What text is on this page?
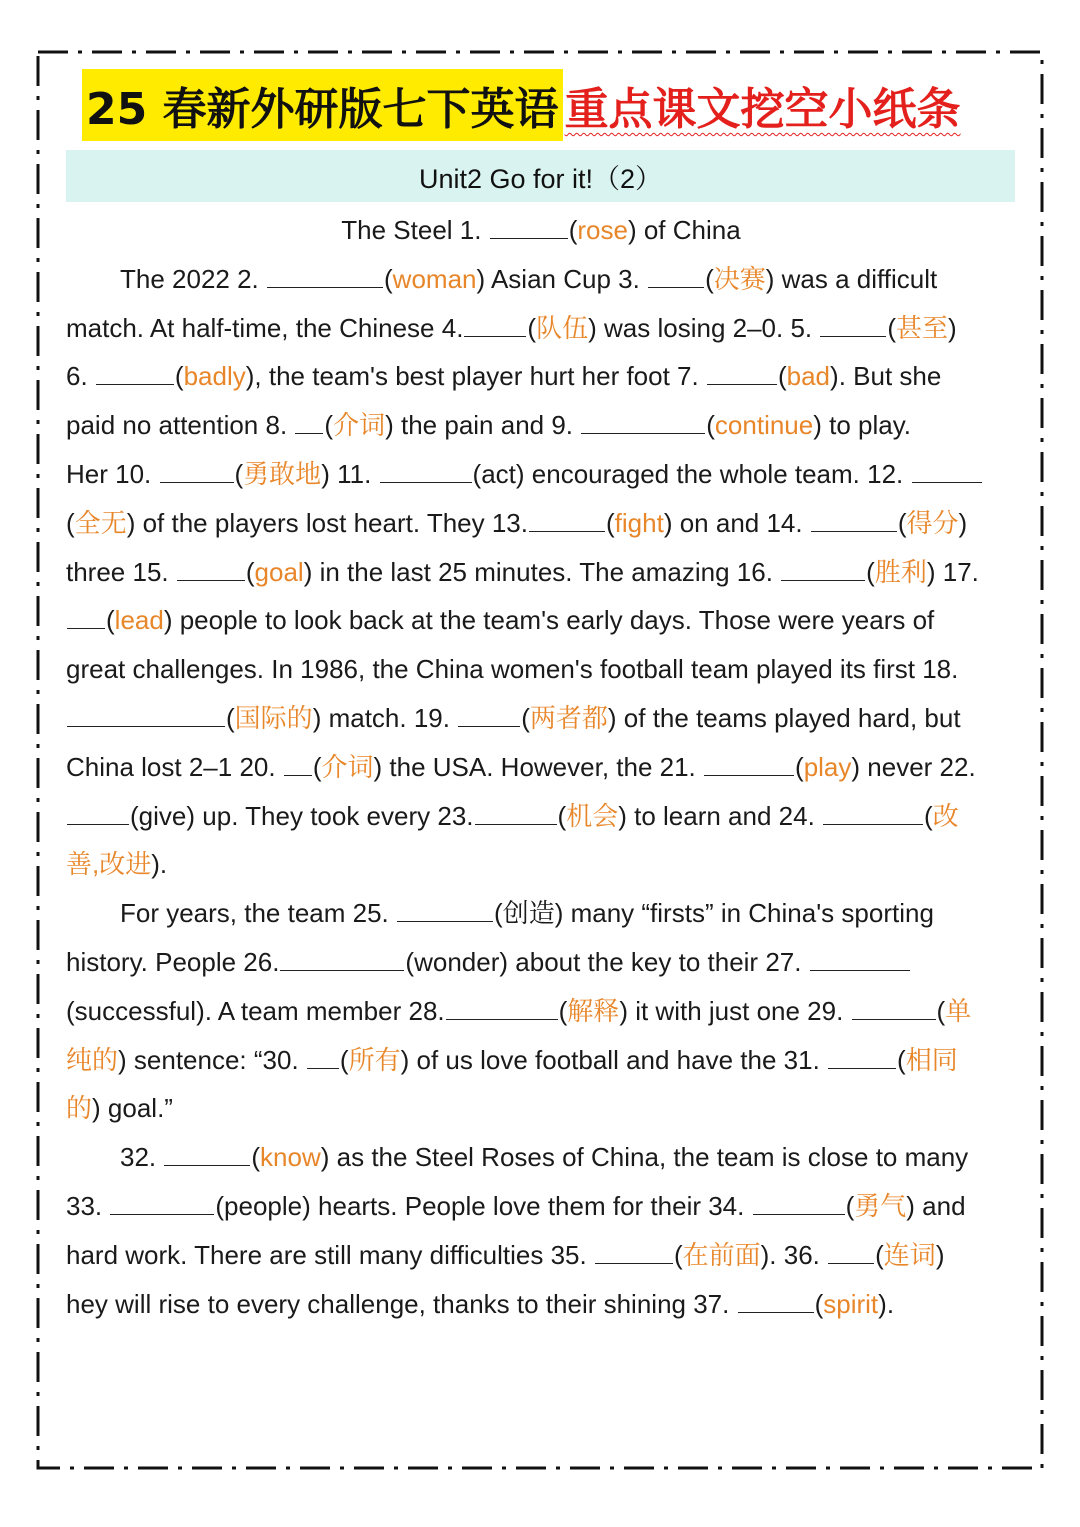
25 春新外研版七下英语 重点课文挖空小纸条
Unit2 Go for it!（2）
The Steel 1.	(rose) of China
The 2022 2.	(woman) Asian Cup 3. (决赛) was a difficult
match. At half-time, the Chinese 4. (队伍) was losing 2–0. 5.	(甚至)
6.	(badly), the team's best player hurt her foot 7.	(bad). But she
paid no attention 8. (介词) the pain and 9.	(continue) to play.
Her 10.	(勇敢地) 11.	(act) encouraged the whole team. 12.
(全无) of the players lost heart. They 13.	(fight) on and 14.	(得分)
three 15.	(goal) in the last 25 minutes. The amazing 16.	(胜利) 17.
(lead) people to look back at the team's early days. Those were years of
great challenges. In 1986, the China women's football team played its first 18.
(国际的) match. 19. (两者都) of the teams played hard, but
China lost 2–1 20. (介词) the USA. However, the 21.	(play) never 22.
(give) up. They took every 23.	(机会) to learn and 24.	(改
善,改进).
For years, the team 25.	(创造) many “firsts” in China's sporting
history. People 26.	(wonder) about the key to their 27.
(successful). A team member 28.	(解释) it with just one 29.	(单
纯的) sentence: “30. (所有) of us love football and have the 31.	(相同
的) goal.”
32.	(know) as the Steel Roses of China, the team is close to many
33.	(people) hearts. People love them for their 34.	(勇气) and
hard work. There are still many difficulties 35.	(在前面). 36. (连词)
hey will rise to every challenge, thanks to their shining 37.	(spirit).
